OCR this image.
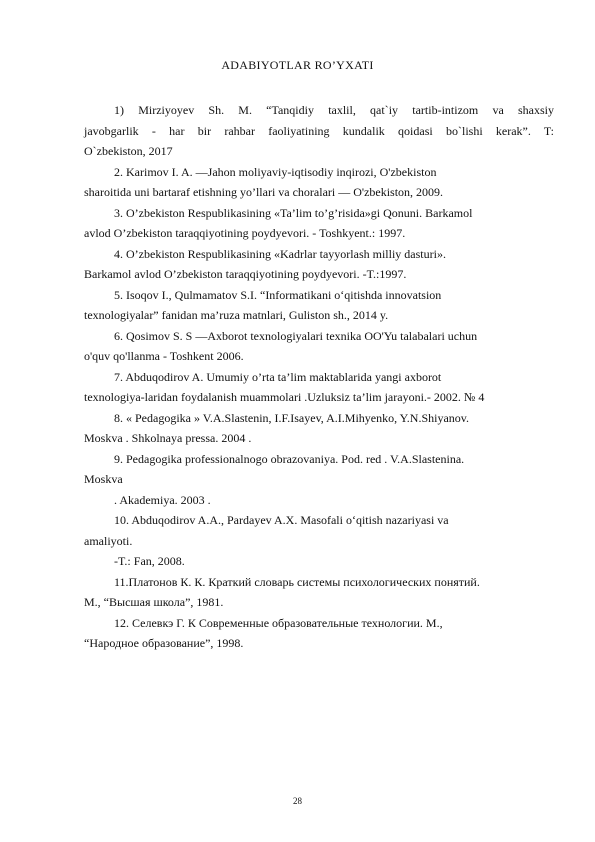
ADABIYOTLAR RO’YXATI

1) Mirziyoyev Sh. M. “Tanqidiy taxlil, qat`iy tartib-intizom va shaxsiy

javobgarlik - har bir rahbar faoliyatining kundalik qoidasi bo`lishi kerak”. T:

O`zbekiston, 2017

2. Karimov I. A. —Jahon moliyaviy-iqtisodiy inqirozi, O'zbekiston

sharoitida uni bartaraf etishning yo’llari va choralari — O'zbekiston, 2009.

3. O’zbekiston Respublikasining «Ta’lim to’g’risida»gi Qonuni. Barkamol

avlod O’zbekiston taraqqiyotining poydyevori. - Toshkyent.: 1997.

4. O’zbekiston Respublikasining «Kadrlar tayyorlash milliy dasturi».

Barkamol avlod O’zbekiston taraqqiyotining poydyevori. -T.:1997.

5. Isoqov I., Qulmamatov S.I. “Informatikani o‘qitishda innovatsion

texnologiyalar” fanidan ma’ruza matnlari, Guliston sh., 2014 y.

6. Qosimov S. S —Axborot texnologiyalari texnika OO'Yu talabalari uchun

o'quv qo'llanma - Toshkent 2006.

7. Abduqodirov A. Umumiy o’rta ta’lim maktablarida yangi axborot

texnologiya-laridan foydalanish muammolari .Uzluksiz ta’lim jarayoni.- 2002. № 4

8. « Pedagogika » V.A.Slastenin, I.F.Isayev, A.I.Mihyenko, Y.N.Shiyanov.

Moskva . Shkolnaya pressa. 2004 .

9. Pedagogika professionalnogo obrazovaniya. Pod. red . V.A.Slastenina.

Moskva

. Akademiya. 2003 .

10. Abduqodirov A.A., Pardayev A.X. Masofali o‘qitish nazariyasi va

amaliyoti.

-T.: Fan, 2008.

11.Платонов К. К. Краткий словарь системы психологических понятий.

М., “Высшая школа”, 1981.

12. Селевкэ Г. К Современные образовательные технологии. М.,

“Народное образование”, 1998.

28
